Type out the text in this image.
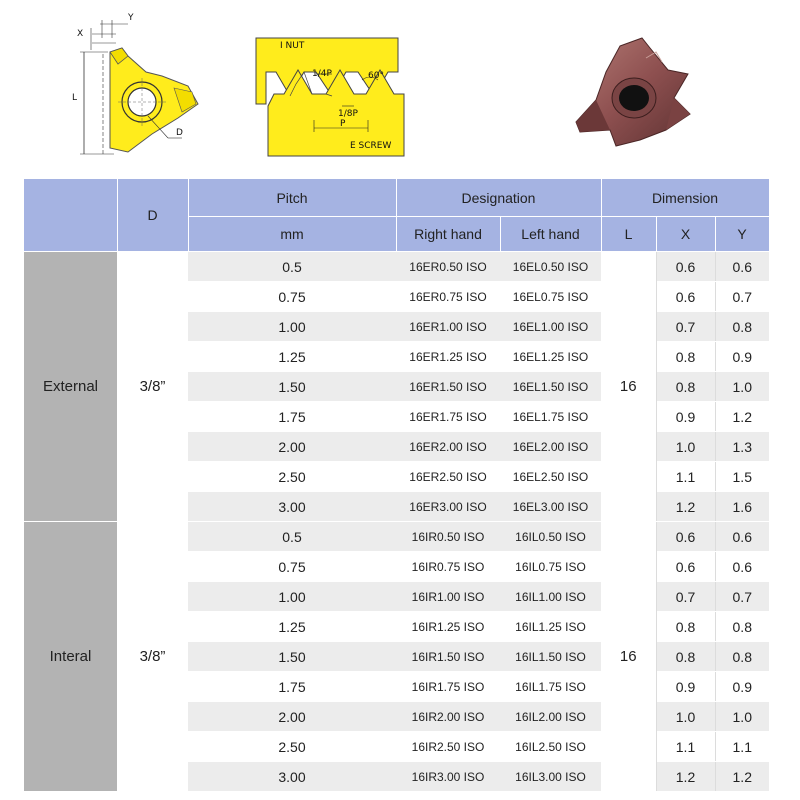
X
Y
L
D
I NUT
1/4P	60°
1/8P
P
E SCREW
	D	Pitch	Designation		Dimension		
		mm	Right hand	Left hand	L	X	Y
External	3/8”	0.5	16ER0.50 ISO	16EL0.50 ISO	16	0.6	0.6
		0.75	16ER0.75 ISO	16EL0.75 ISO		0.6	0.7
		1.00	16ER1.00 ISO	16EL1.00 ISO		0.7	0.8
		1.25	16ER1.25 ISO	16EL1.25 ISO		0.8	0.9
		1.50	16ER1.50 ISO	16EL1.50 ISO		0.8	1.0
		1.75	16ER1.75 ISO	16EL1.75 ISO		0.9	1.2
		2.00	16ER2.00 ISO	16EL2.00 ISO		1.0	1.3
		2.50	16ER2.50 ISO	16EL2.50 ISO		1.1	1.5
		3.00	16ER3.00 ISO	16EL3.00 ISO		1.2	1.6
Interal	3/8”	0.5	16IR0.50 ISO	16IL0.50 ISO	16	0.6	0.6
		0.75	16IR0.75 ISO	16IL0.75 ISO		0.6	0.6
		1.00	16IR1.00 ISO	16IL1.00 ISO		0.7	0.7
		1.25	16IR1.25 ISO	16IL1.25 ISO		0.8	0.8
		1.50	16IR1.50 ISO	16IL1.50 ISO		0.8	0.8
		1.75	16IR1.75 ISO	16IL1.75 ISO		0.9	0.9
		2.00	16IR2.00 ISO	16IL2.00 ISO		1.0	1.0
		2.50	16IR2.50 ISO	16IL2.50 ISO		1.1	1.1
		3.00	16IR3.00 ISO	16IL3.00 ISO		1.2	1.2
